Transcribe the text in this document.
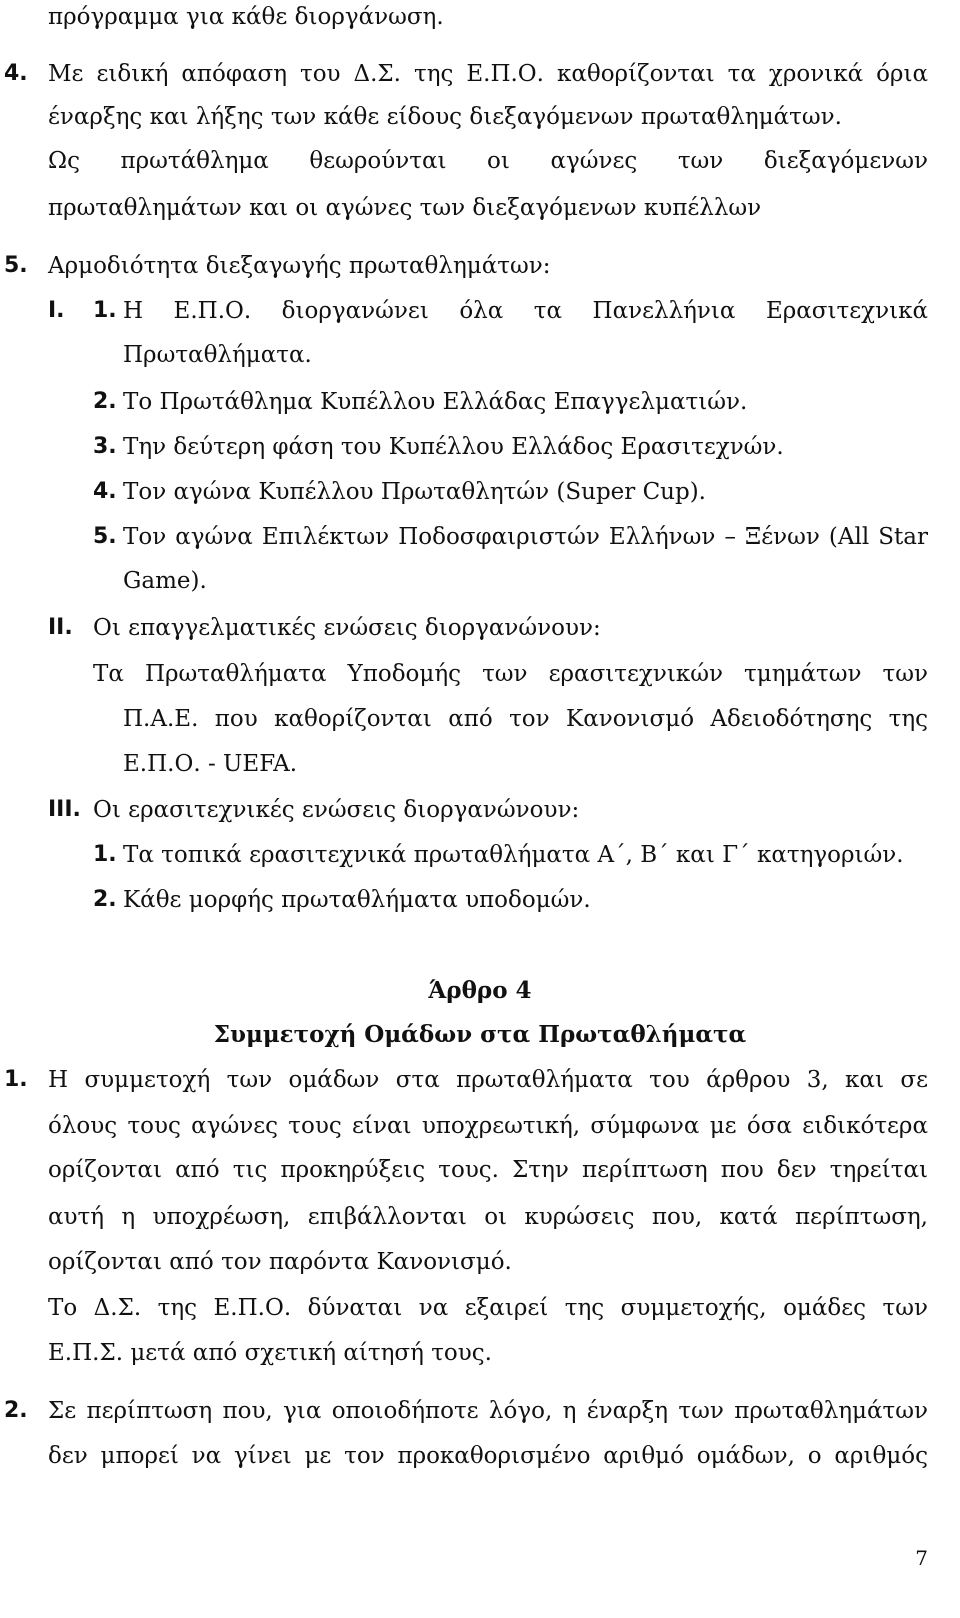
πρόγραμμα για κάθε διοργάνωση.
4. Με ειδική απόφαση του Δ.Σ. της Ε.Π.Ο. καθορίζονται τα χρονικά όρια
έναρξης και λήξης των κάθε είδους διεξαγόμενων πρωταθλημάτων.
Ως πρωτάθλημα θεωρούνται οι αγώνες των διεξαγόμενων
πρωταθλημάτων και οι αγώνες των διεξαγόμενων κυπέλλων
5. Αρμοδιότητα διεξαγωγής πρωταθλημάτων:
I. 1. Η Ε.Π.Ο. διοργανώνει όλα τα Πανελλήνια Ερασιτεχνικά
Πρωταθλήματα.
2. Το Πρωτάθλημα Κυπέλλου Ελλάδας Επαγγελματιών.
3. Την δεύτερη φάση του Κυπέλλου Ελλάδος Ερασιτεχνών.
4. Τον αγώνα Κυπέλλου Πρωταθλητών (Super Cup).
5. Τον αγώνα Επιλέκτων Ποδοσφαιριστών Ελλήνων – Ξένων (All Star
Game).
II. Οι επαγγελματικές ενώσεις διοργανώνουν:
Τα Πρωταθλήματα Υποδομής των ερασιτεχνικών τμημάτων των
Π.Α.Ε. που καθορίζονται από τον Κανονισμό Αδειοδότησης της
Ε.Π.Ο. - UEFA.
III. Οι ερασιτεχνικές ενώσεις διοργανώνουν:
1. Τα τοπικά ερασιτεχνικά πρωταθλήματα Α΄, Β΄ και Γ΄ κατηγοριών.
2. Κάθε μορφής πρωταθλήματα υποδομών.
Άρθρο 4
Συμμετοχή Ομάδων στα Πρωταθλήματα
1. Η συμμετοχή των ομάδων στα πρωταθλήματα του άρθρου 3, και σε
όλους τους αγώνες τους είναι υποχρεωτική, σύμφωνα με όσα ειδικότερα
ορίζονται από τις προκηρύξεις τους. Στην περίπτωση που δεν τηρείται
αυτή η υποχρέωση, επιβάλλονται οι κυρώσεις που, κατά περίπτωση,
ορίζονται από τον παρόντα Κανονισμό.
Το Δ.Σ. της Ε.Π.Ο. δύναται να εξαιρεί της συμμετοχής, ομάδες των
Ε.Π.Σ. μετά από σχετική αίτησή τους.
2. Σε περίπτωση που, για οποιοδήποτε λόγο, η έναρξη των πρωταθλημάτων
δεν μπορεί να γίνει με τον προκαθορισμένο αριθμό ομάδων, ο αριθμός
7
